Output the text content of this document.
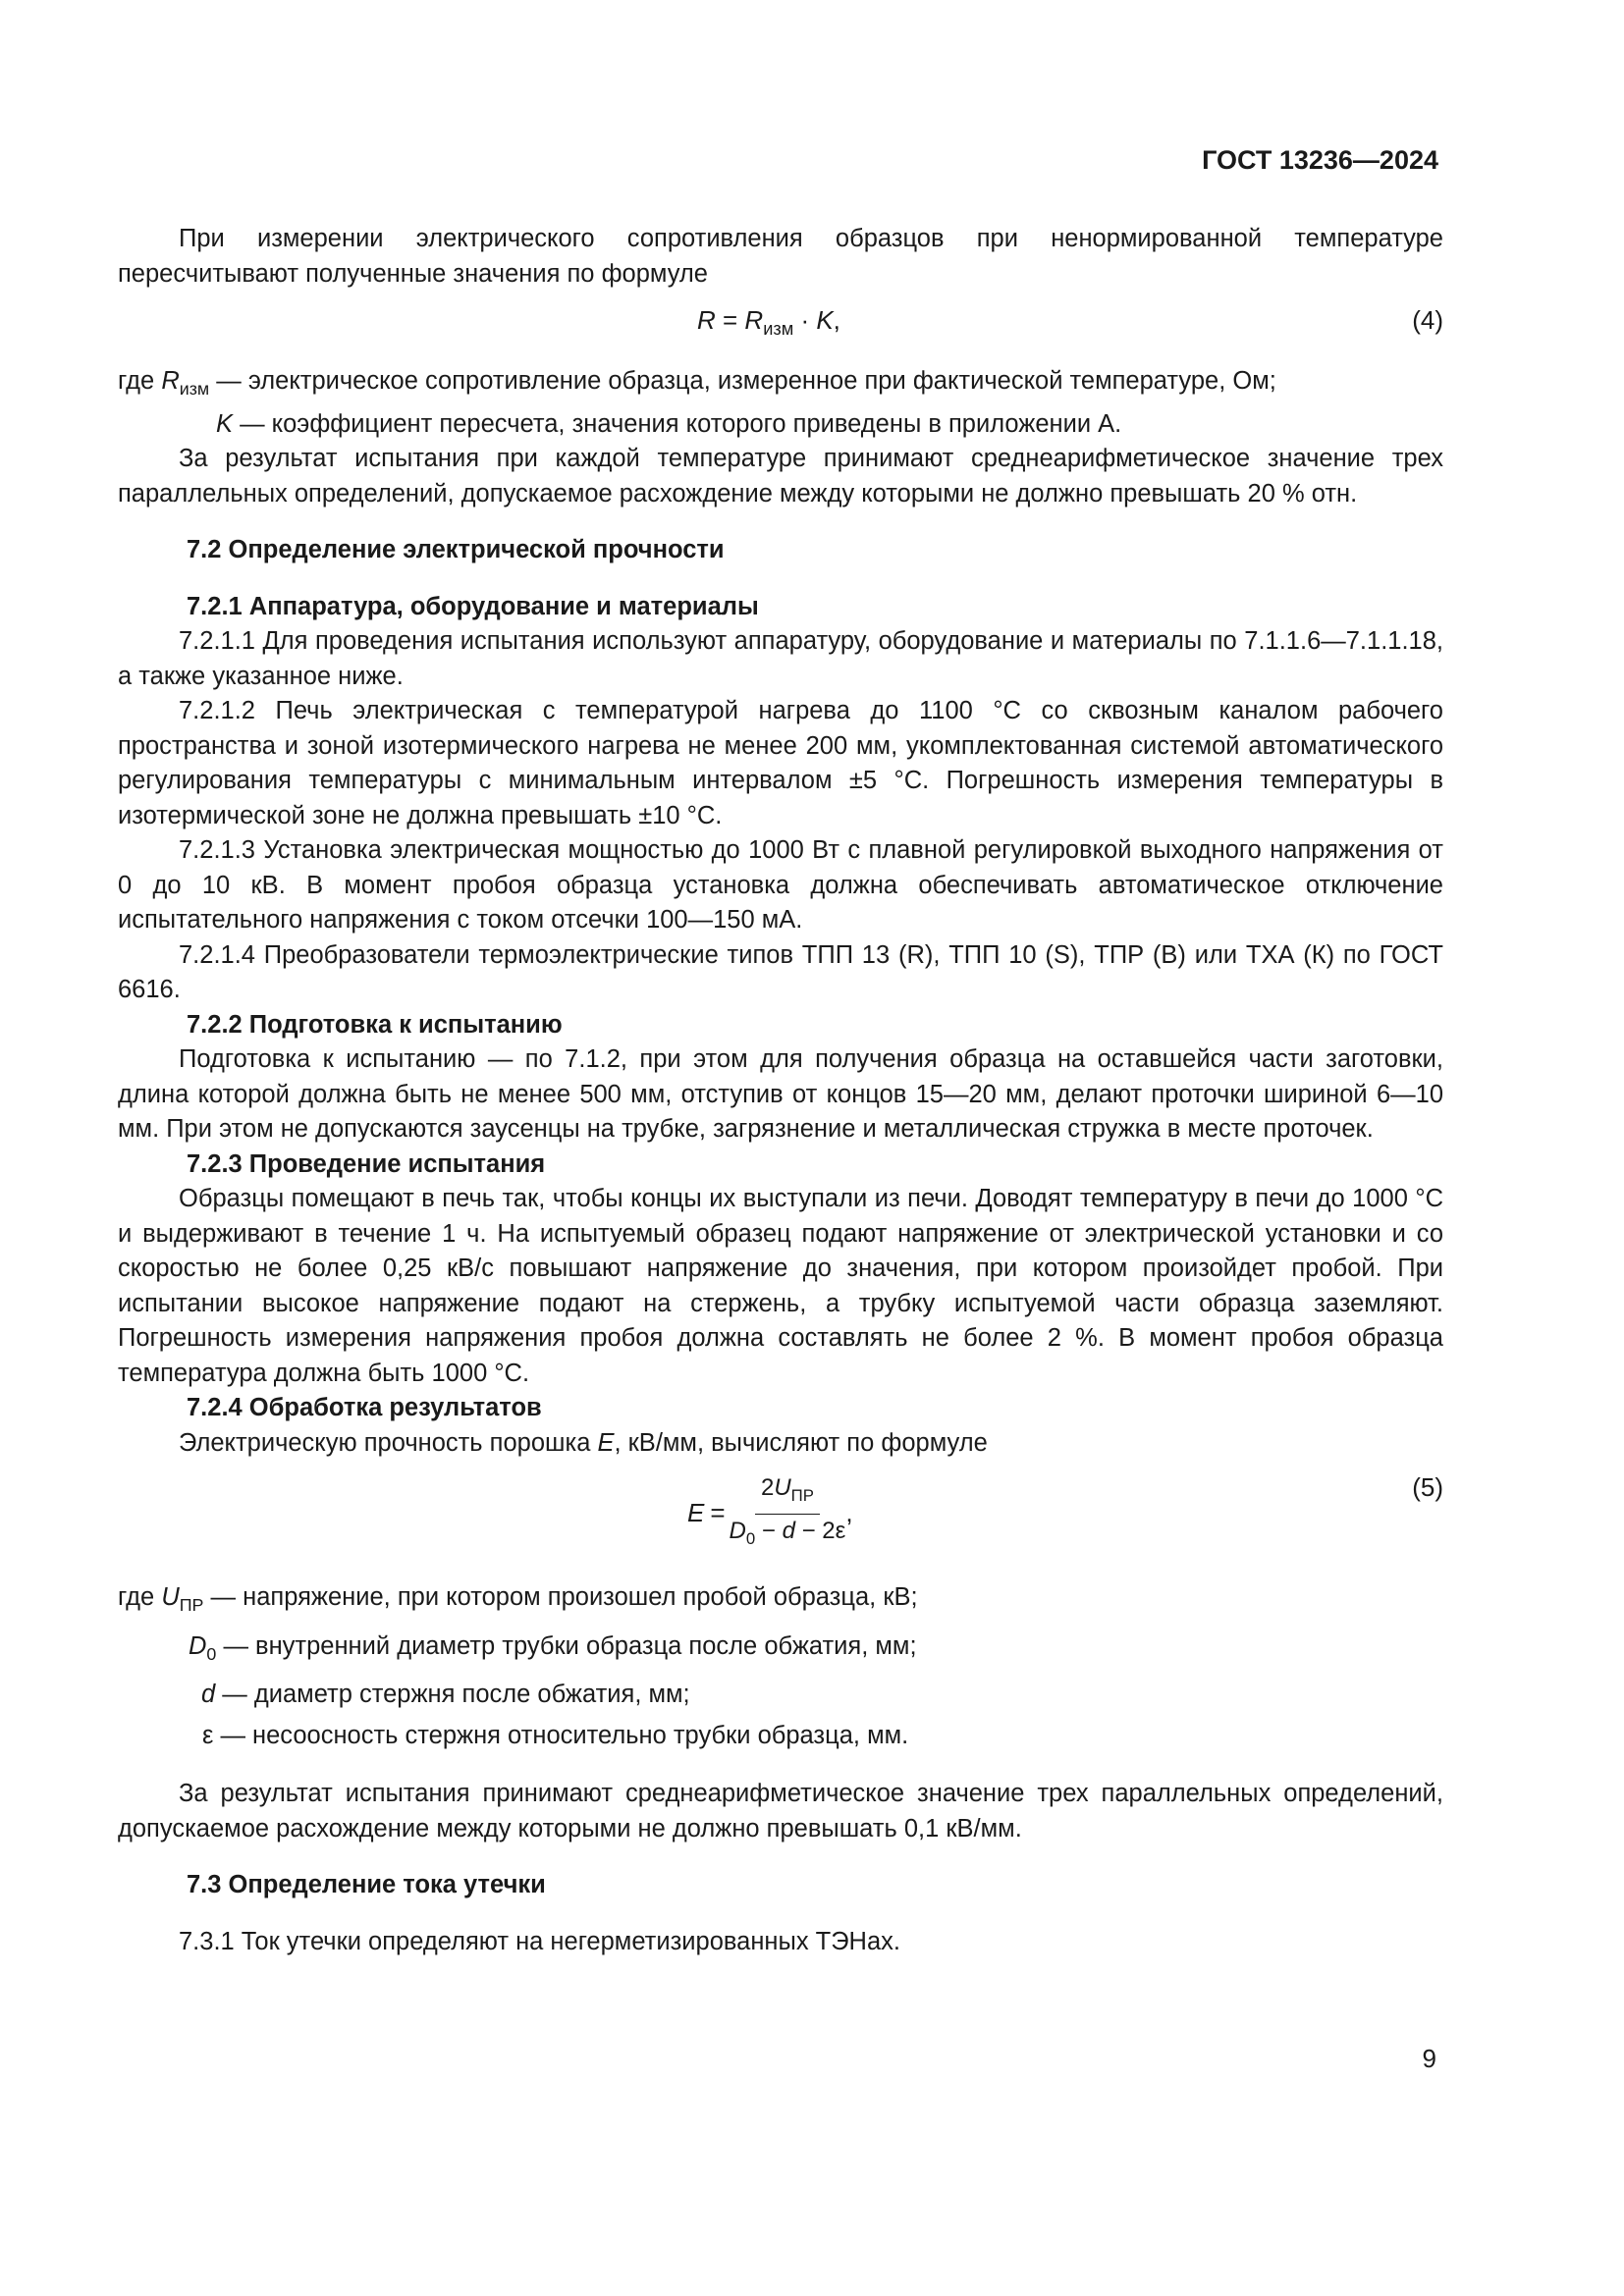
ГОСТ 13236—2024

При измерении электрического сопротивления образцов при ненормированной температуре пересчитывают полученные значения по формуле

$R = R_{изм} \cdot K$,	(4)

где $R_{изм}$ — электрическое сопротивление образца, измеренное при фактической температуре, Ом;

K — коэффициент пересчета, значения которого приведены в приложении А.

За результат испытания при каждой температуре принимают среднеарифметическое значение трех параллельных определений, допускаемое расхождение между которыми не должно превышать 20 % отн.

7.2 Определение электрической прочности

7.2.1 Аппаратура, оборудование и материалы

7.2.1.1 Для проведения испытания используют аппаратуру, оборудование и материалы по 7.1.1.6—7.1.1.18, а также указанное ниже.

7.2.1.2 Печь электрическая с температурой нагрева до 1100 °С со сквозным каналом рабочего пространства и зоной изотермического нагрева не менее 200 мм, укомплектованная системой автоматического регулирования температуры с минимальным интервалом ±5 °С. Погрешность измерения температуры в изотермической зоне не должна превышать ±10 °С.

7.2.1.3 Установка электрическая мощностью до 1000 Вт с плавной регулировкой выходного напряжения от 0 до 10 кВ. В момент пробоя образца установка должна обеспечивать автоматическое отключение испытательного напряжения с током отсечки 100—150 мА.

7.2.1.4 Преобразователи термоэлектрические типов ТПП 13 (R), ТПП 10 (S), ТПР (В) или ТХА (К) по ГОСТ 6616.

7.2.2 Подготовка к испытанию

Подготовка к испытанию — по 7.1.2, при этом для получения образца на оставшейся части заготовки, длина которой должна быть не менее 500 мм, отступив от концов 15—20 мм, делают проточки шириной 6—10 мм. При этом не допускаются заусенцы на трубке, загрязнение и металлическая стружка в месте проточек.

7.2.3 Проведение испытания

Образцы помещают в печь так, чтобы концы их выступали из печи. Доводят температуру в печи до 1000 °С и выдерживают в течение 1 ч. На испытуемый образец подают напряжение от электрической установки и со скоростью не более 0,25 кВ/с повышают напряжение до значения, при котором произойдет пробой. При испытании высокое напряжение подают на стержень, а трубку испытуемой части образца заземляют. Погрешность измерения напряжения пробоя должна составлять не более 2 %. В момент пробоя образца температура должна быть 1000 °С.

7.2.4 Обработка результатов

Электрическую прочность порошка E, кВ/мм, вычисляют по формуле

$E = \frac{2U_{ПР}}{D_0 - d - 2\varepsilon}$ ,
(5)

где $U_{ПР}$ — напряжение, при котором произошел пробой образца, кВ;

$D_0$ — внутренний диаметр трубки образца после обжатия, мм;

d — диаметр стержня после обжатия, мм;

ε — несоосность стержня относительно трубки образца, мм.

За результат испытания принимают среднеарифметическое значение трех параллельных определений, допускаемое расхождение между которыми не должно превышать 0,1 кВ/мм.

7.3 Определение тока утечки

7.3.1 Ток утечки определяют на негерметизированных ТЭНах.

9
